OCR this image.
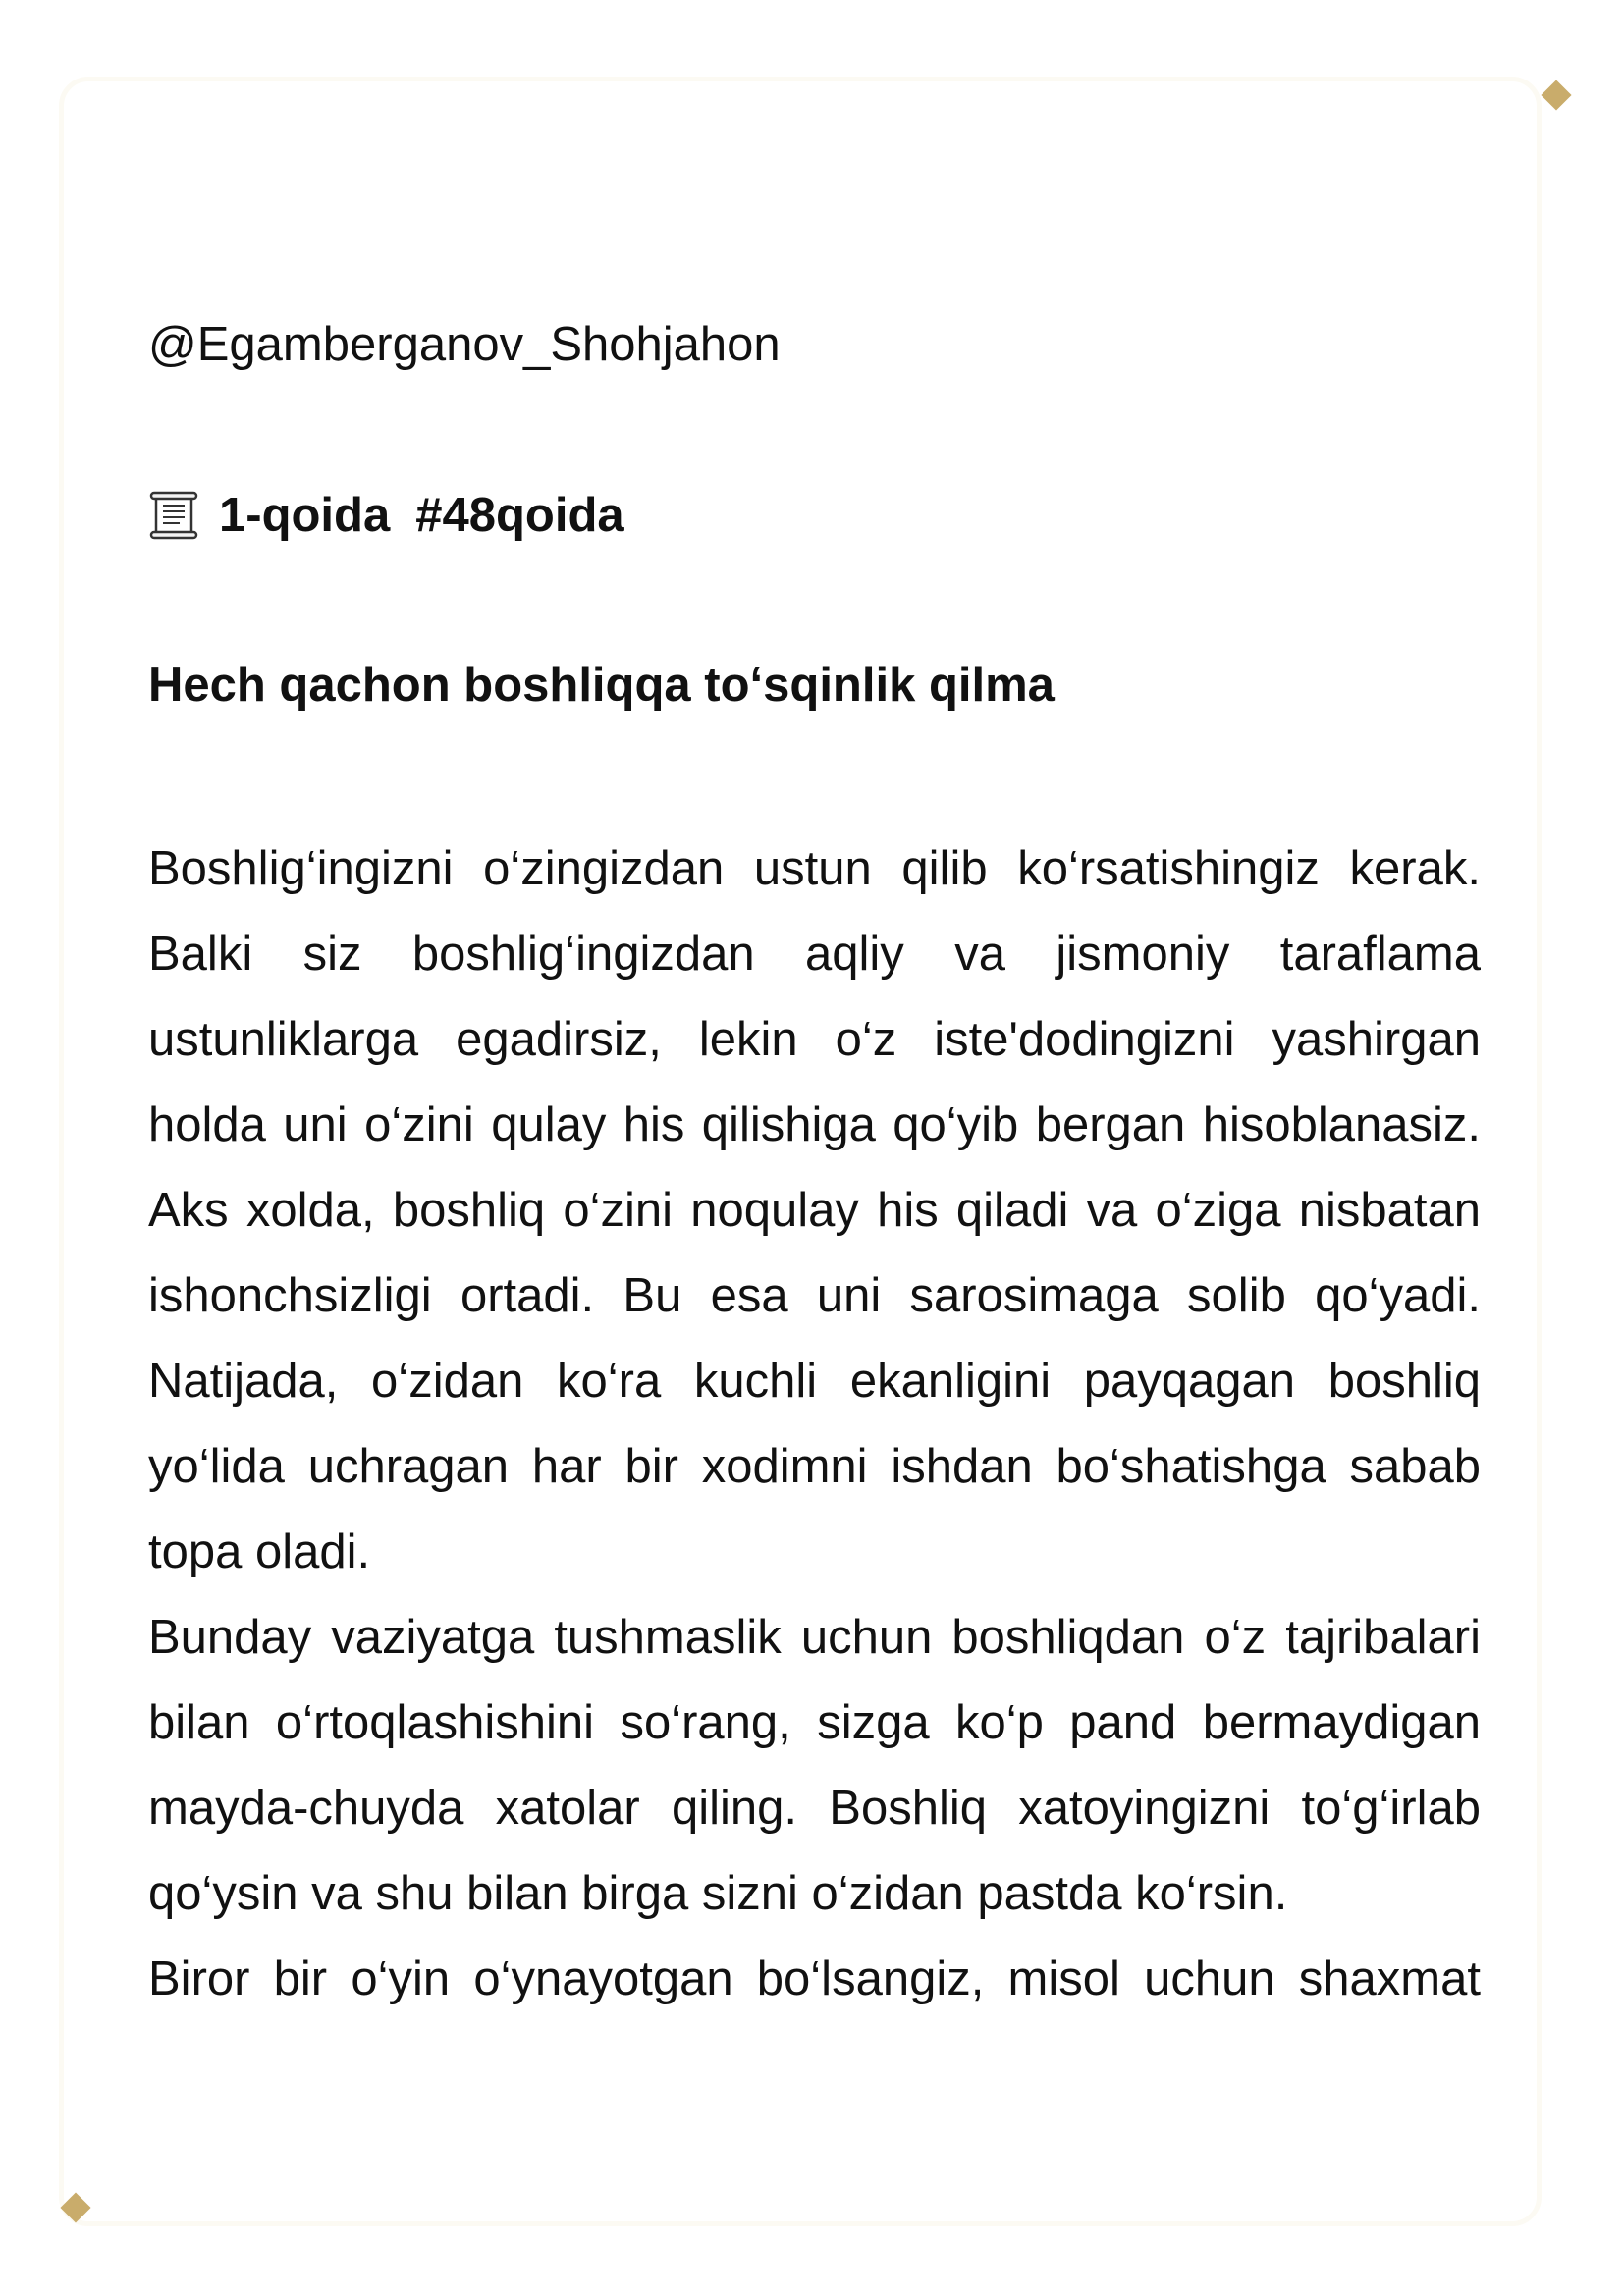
@Egamberganov_Shohjahon
1-qoida #48qoida
Hech qachon boshliqqa to‘sqinlik qilma

Boshlig‘ingizni o‘zingizdan ustun qilib ko‘rsatishingiz kerak. Balki siz boshlig‘ingizdan aqliy va jismoniy taraflama ustunliklarga egadirsiz, lekin o‘z iste'dodingizni yashirgan holda uni o‘zini qulay his qilishiga qo‘yib bergan hisoblanasiz. Aks xolda, boshliq o‘zini noqulay his qiladi va o‘ziga nisbatan ishonchsizligi ortadi. Bu esa uni sarosimaga solib qo‘yadi. Natijada, o‘zidan ko‘ra kuchli ekanligini payqagan boshliq yo‘lida uchragan har bir xodimni ishdan bo‘shatishga sabab topa oladi.

Bunday vaziyatga tushmaslik uchun boshliqdan o‘z tajribalari bilan o‘rtoqlashishini so‘rang, sizga ko‘p pand bermaydigan mayda-chuyda xatolar qiling. Boshliq xatoyingizni to‘g‘irlab qo‘ysin va shu bilan birga sizni o‘zidan pastda ko‘rsin.

Biror bir o‘yin o‘ynayotgan bo‘lsangiz, misol uchun shaxmat
